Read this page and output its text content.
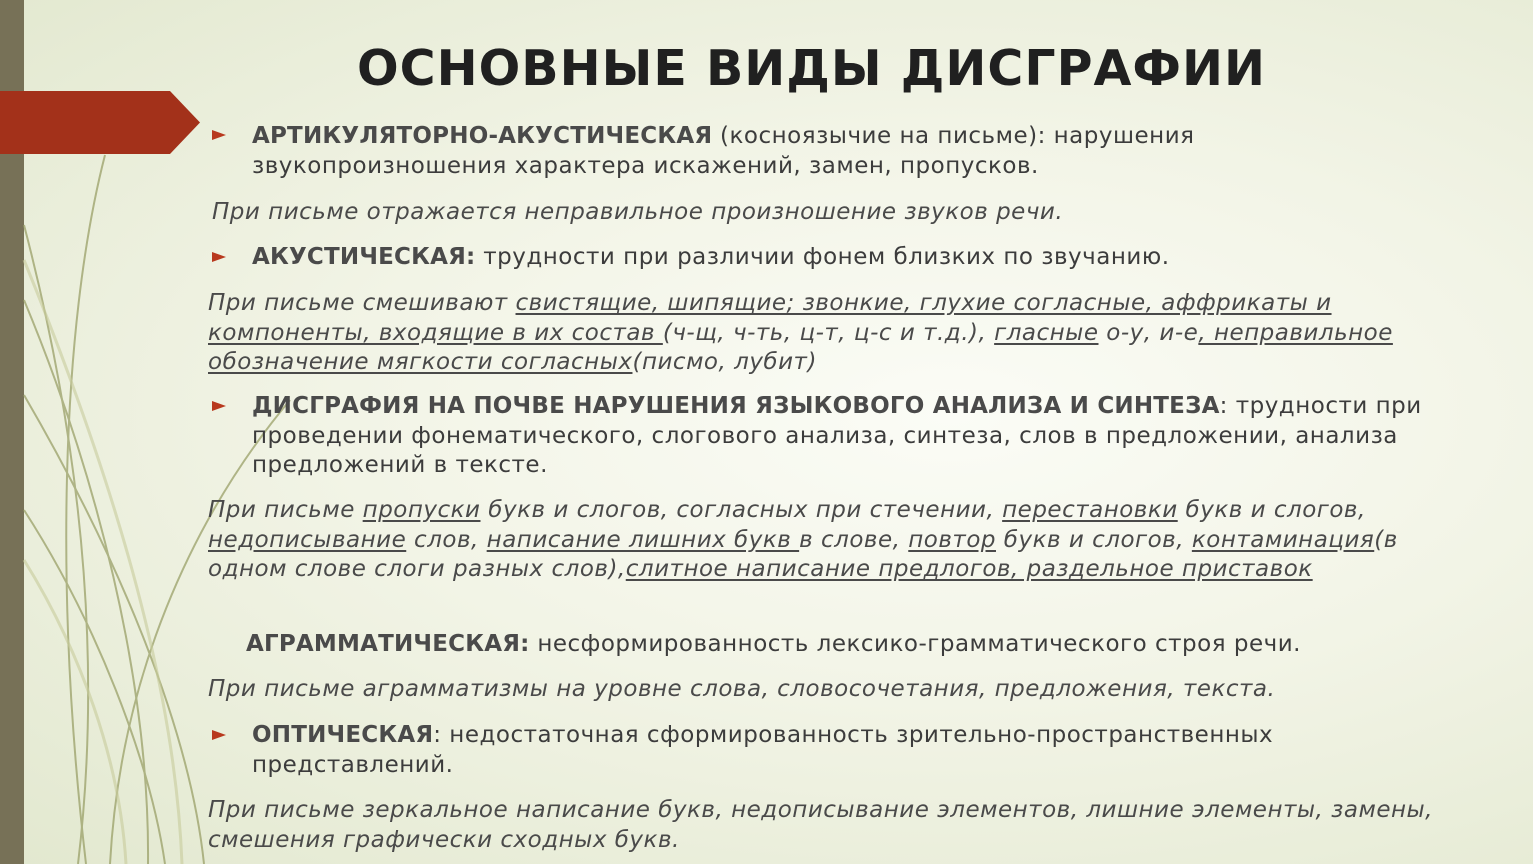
ОСНОВНЫЕ ВИДЫ ДИСГРАФИИ

АРТИКУЛЯТОРНО-АКУСТИЧЕСКАЯ (косноязычие на письме): нарушения звукопроизношения характера искажений, замен, пропусков.

При письме отражается неправильное произношение звуков речи.

АКУСТИЧЕСКАЯ: трудности при различии фонем близких по звучанию.

При письме смешивают свистящие, шипящие; звонкие, глухие согласные, аффрикаты и компоненты, входящие в их состав (ч-щ, ч-ть, ц-т, ц-с и т.д.), гласные о-у, и-е, неправильное обозначение мягкости согласных(писмо, лубит)

ДИСГРАФИЯ НА ПОЧВЕ НАРУШЕНИЯ ЯЗЫКОВОГО АНАЛИЗА И СИНТЕЗА: трудности при проведении фонематического, слогового анализа, синтеза, слов в предложении, анализа предложений в тексте.

При письме пропуски букв и слогов, согласных при стечении, перестановки букв и слогов, недописывание слов, написание лишних букв в слове, повтор букв и слогов, контаминация(в одном слове слоги разных слов),слитное написание предлогов, раздельное приставок

АГРАММАТИЧЕСКАЯ: несформированность лексико-грамматического строя речи.

При письме аграмматизмы на уровне слова, словосочетания, предложения, текста.

ОПТИЧЕСКАЯ: недостаточная сформированность зрительно-пространственных представлений.

При письме зеркальное написание букв, недописывание элементов, лишние элементы, замены, смешения графически сходных букв.
